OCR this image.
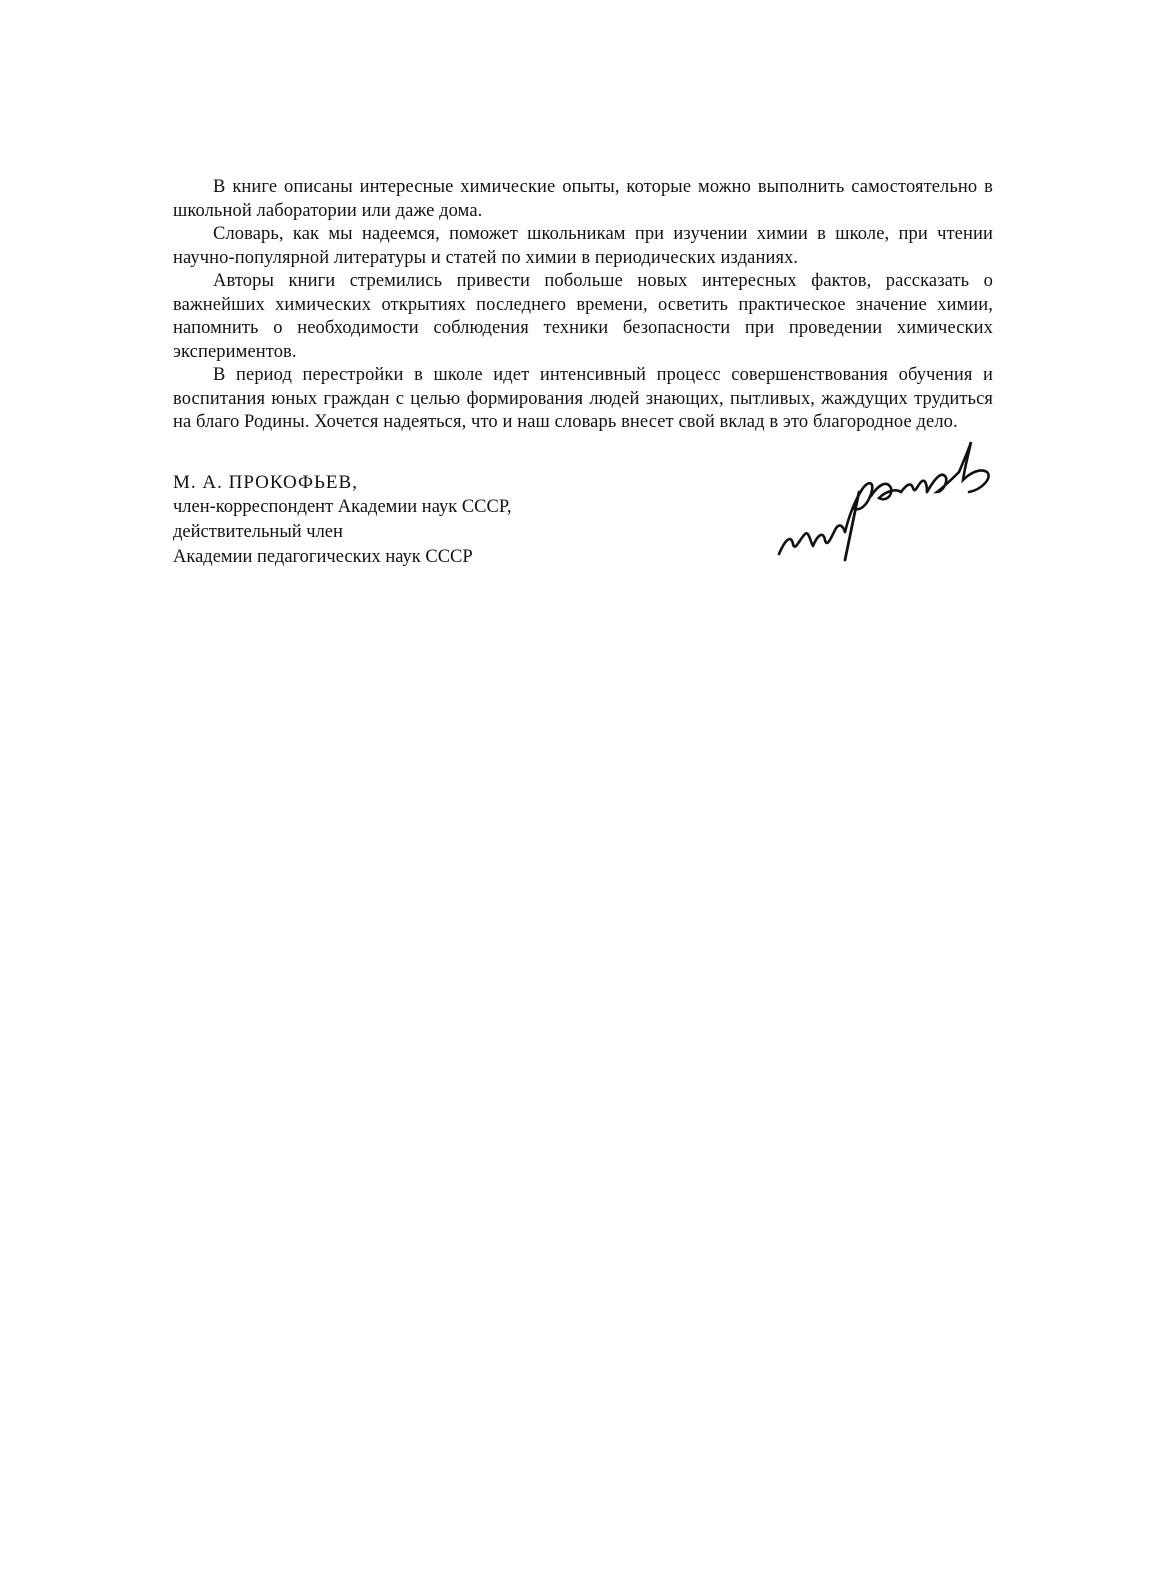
В книге описаны интересные химические опыты, которые можно выполнить самостоятельно в школьной лаборатории или даже дома.

Словарь, как мы надеемся, поможет школьникам при изучении химии в школе, при чтении научно-популярной литературы и статей по химии в периодических изданиях.

Авторы книги стремились привести побольше новых интересных фактов, рассказать о важнейших химических открытиях последнего времени, осветить практическое значение химии, напомнить о необходимости соблюдения техники безопасности при проведении химических экспериментов.

В период перестройки в школе идет интенсивный процесс совершенствования обучения и воспитания юных граждан с целью формирования людей знающих, пытливых, жаждущих трудиться на благо Родины. Хочется надеяться, что и наш словарь внесет свой вклад в это благородное дело.

М. А. ПРОКОФЬЕВ,
член-корреспондент Академии наук СССР,
действительный член
Академии педагогических наук СССР
